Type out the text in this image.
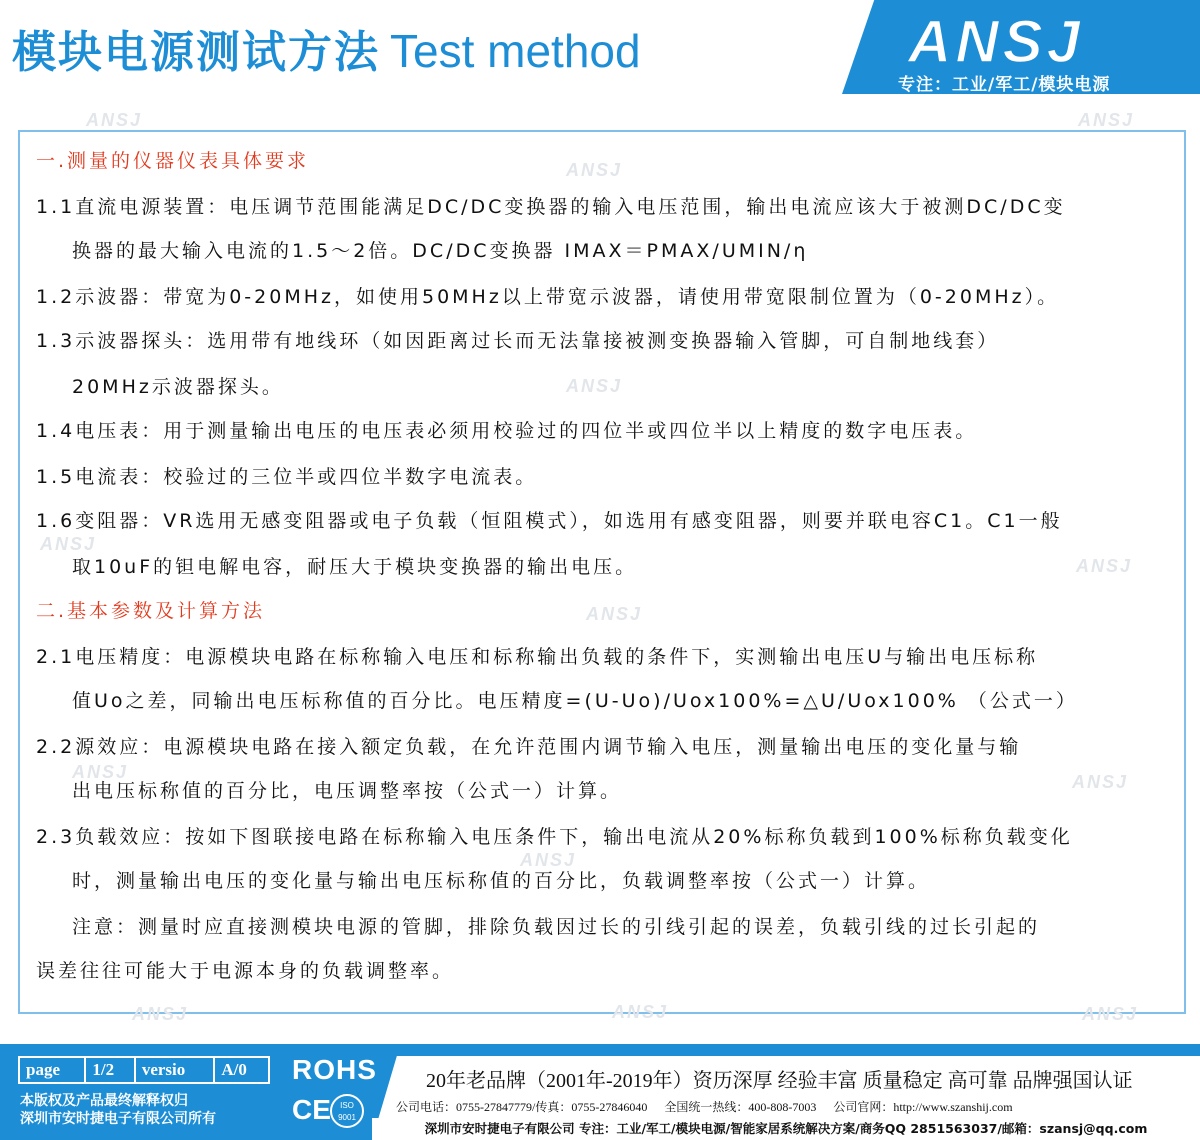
模块电源测试方法 Test method	ANSJ ®
专注：工业/军工/模块电源
ANSJ	ANSJ
ANSJ
ANSJ
ANSJ
ANSJ
ANSJ
ANSJ	ANSJ
ANSJ
ANSJ	ANSJ	ANSJ
一.测量的仪器仪表具体要求
1.1直流电源装置：电压调节范围能满足DC/DC变换器的输入电压范围，输出电流应该大于被测DC/DC变
换器的最大输入电流的1.5～2倍。DC/DC变换器 IMAX＝PMAX/UMIN/η
1.2示波器：带宽为0-20MHz，如使用50MHz以上带宽示波器，请使用带宽限制位置为（0-20MHz）。
1.3示波器探头：选用带有地线环（如因距离过长而无法靠接被测变换器输入管脚，可自制地线套）
20MHz示波器探头。
1.4电压表：用于测量输出电压的电压表必须用校验过的四位半或四位半以上精度的数字电压表。
1.5电流表：校验过的三位半或四位半数字电流表。
1.6变阻器：VR选用无感变阻器或电子负载（恒阻模式），如选用有感变阻器，则要并联电容C1。C1一般
取10uF的钽电解电容，耐压大于模块变换器的输出电压。
二.基本参数及计算方法
2.1电压精度：电源模块电路在标称输入电压和标称输出负载的条件下，实测输出电压U与输出电压标称
值Uo之差，同输出电压标称值的百分比。电压精度=(U-Uo)/Uox100%=△U/Uox100% （公式一）
2.2源效应：电源模块电路在接入额定负载，在允许范围内调节输入电压，测量输出电压的变化量与输
出电压标称值的百分比，电压调整率按（公式一）计算。
2.3负载效应：按如下图联接电路在标称输入电压条件下，输出电流从20%标称负载到100%标称负载变化
时，测量输出电压的变化量与输出电压标称值的百分比，负载调整率按（公式一）计算。
注意：测量时应直接测模块电源的管脚，排除负载因过长的引线引起的误差，负载引线的过长引起的
误差往往可能大于电源本身的负载调整率。
page	1/2	versio	A/0
本版权及产品最终解释权归
深圳市安时捷电子有限公司所有
ROHS
CE	ISO 9001
20年老品牌（2001年-2019年）资历深厚 经验丰富 质量稳定 高可靠 品牌强国认证
公司电话：0755-27847779/传真：0755-27846040 全国统一热线：400-808-7003 公司官网：http://www.szanshij.com
深圳市安时捷电子有限公司 专注：工业/军工/模块电源/智能家居系统解决方案/商务QQ 2851563037/邮箱：szansj@qq.com
